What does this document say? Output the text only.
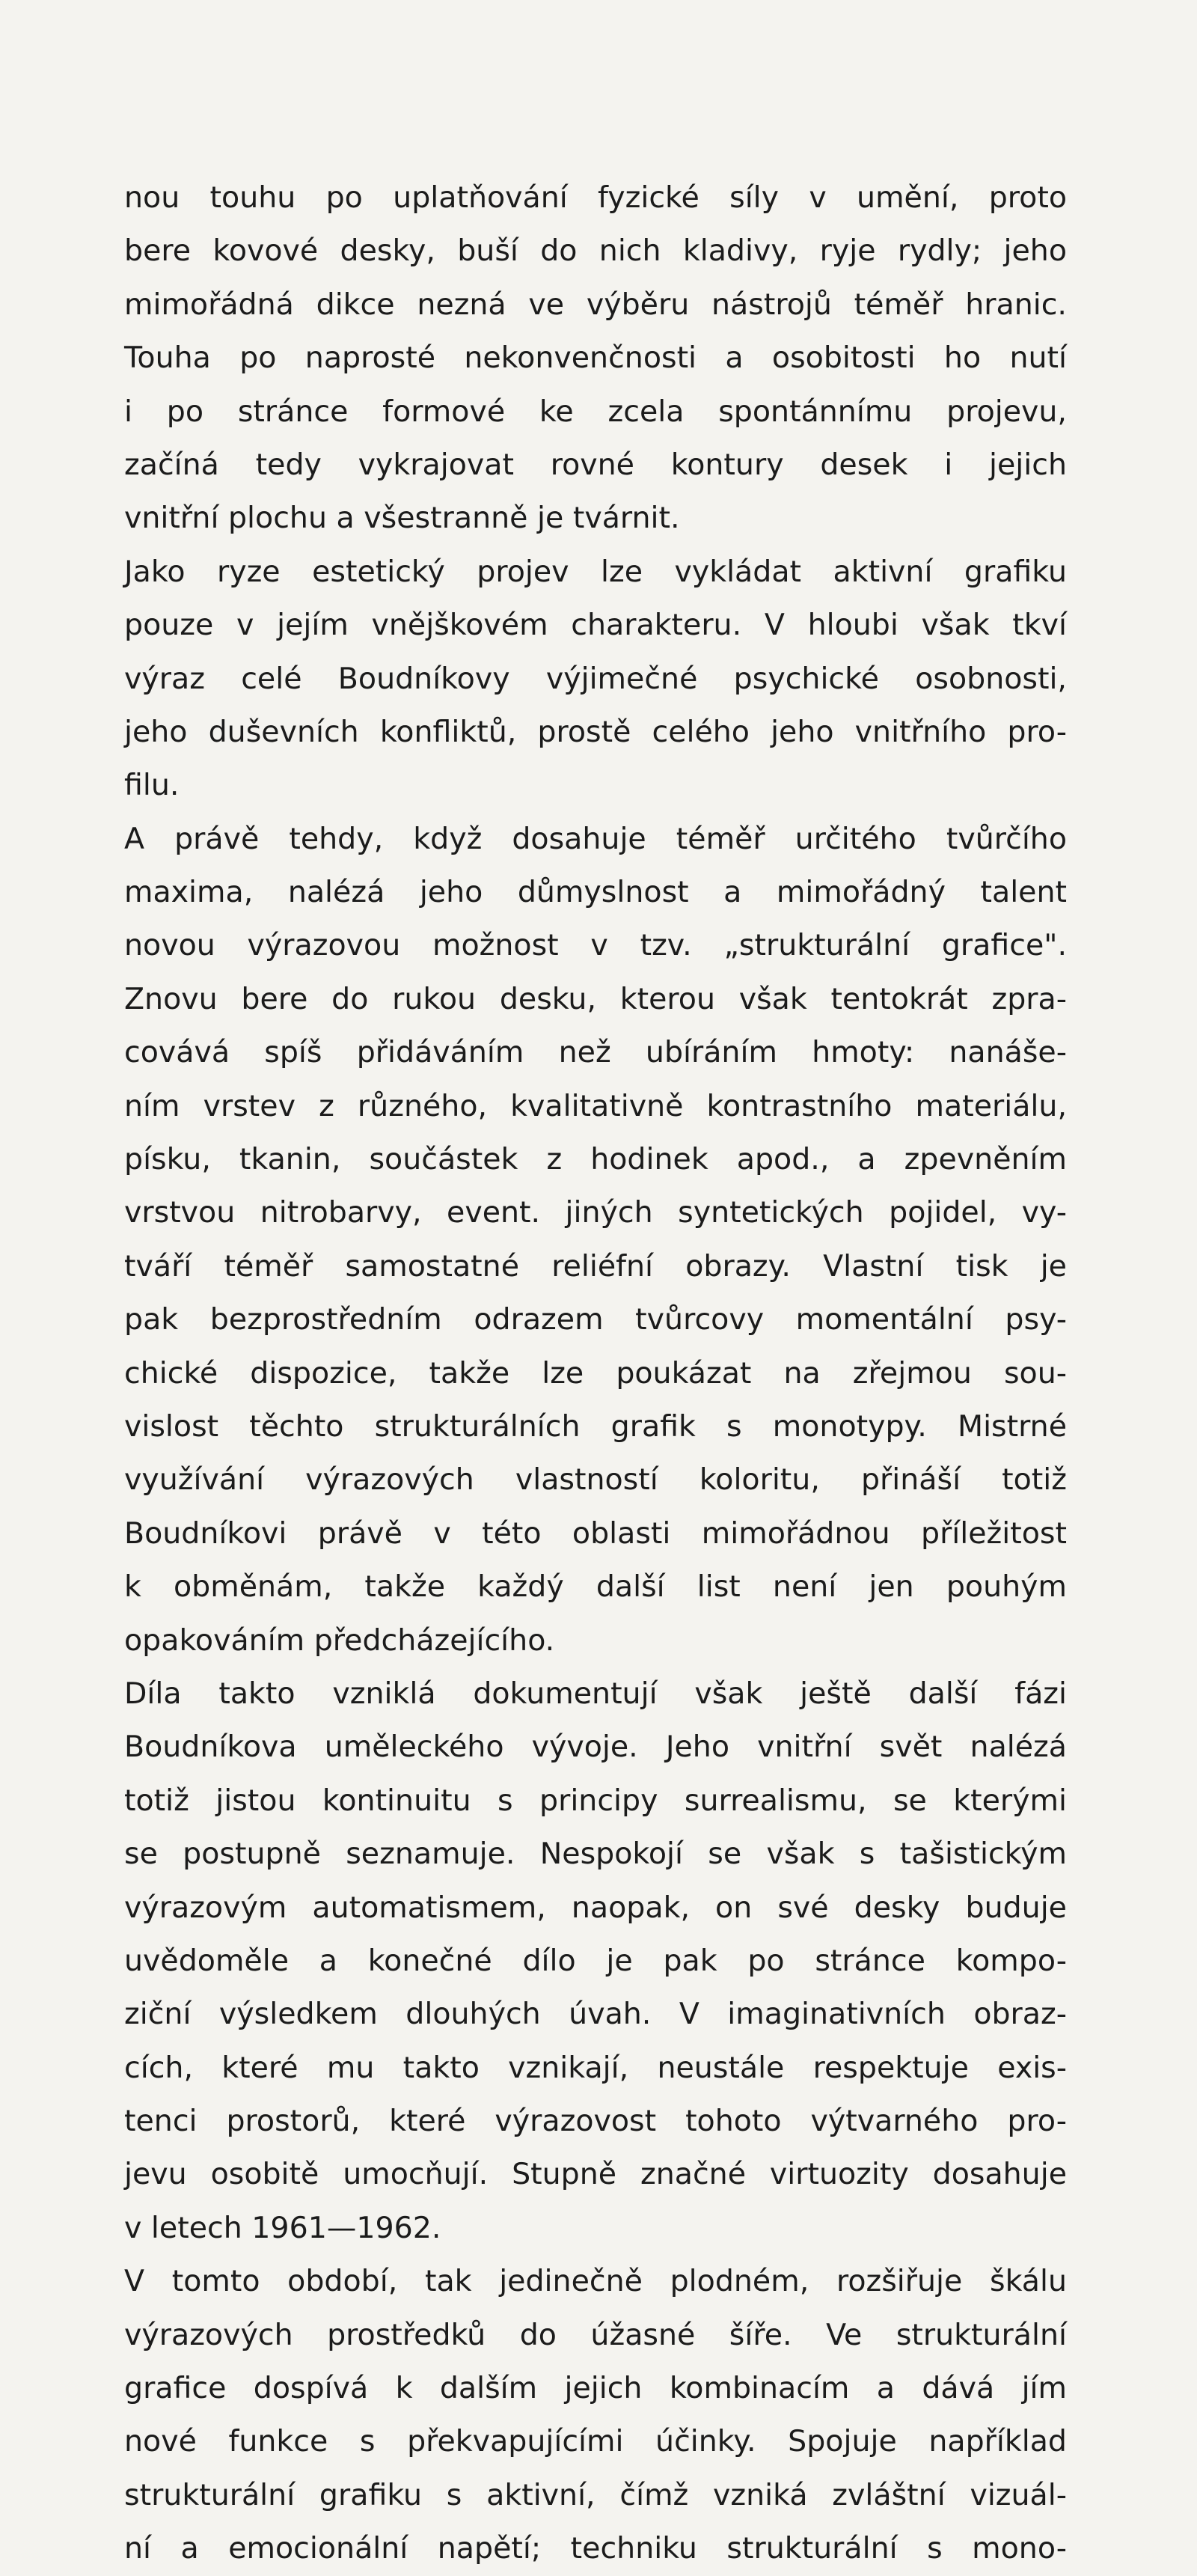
nou touhu po uplatňování fyzické síly v umění, proto
bere kovové desky, buší do nich kladivy, ryje rydly; jeho
mimořádná dikce nezná ve výběru nástrojů téměř hranic.
Touha po naprosté nekonvenčnosti a osobitosti ho nutí
i po stránce formové ke zcela spontánnímu projevu,
začíná tedy vykrajovat rovné kontury desek i jejich
vnitřní plochu a všestranně je tvárnit.
Jako ryze estetický projev lze vykládat aktivní grafiku
pouze v jejím vnějškovém charakteru. V hloubi však tkví
výraz celé Boudníkovy výjimečné psychické osobnosti,
jeho duševních konfliktů, prostě celého jeho vnitřního pro-
filu.
A právě tehdy, když dosahuje téměř určitého tvůrčího
maxima, nalézá jeho důmyslnost a mimořádný talent
novou výrazovou možnost v tzv. „strukturální grafice".
Znovu bere do rukou desku, kterou však tentokrát zpra-
covává spíš přidáváním než ubíráním hmoty: nanáše-
ním vrstev z různého, kvalitativně kontrastního materiálu,
písku, tkanin, součástek z hodinek apod., a zpevněním
vrstvou nitrobarvy, event. jiných syntetických pojidel, vy-
tváří téměř samostatné reliéfní obrazy. Vlastní tisk je
pak bezprostředním odrazem tvůrcovy momentální psy-
chické dispozice, takže lze poukázat na zřejmou sou-
vislost těchto strukturálních grafik s monotypy. Mistrné
využívání výrazových vlastností koloritu, přináší totiž
Boudníkovi právě v této oblasti mimořádnou příležitost
k obměnám, takže každý další list není jen pouhým
opakováním předcházejícího.
Díla takto vzniklá dokumentují však ještě další fázi
Boudníkova uměleckého vývoje. Jeho vnitřní svět nalézá
totiž jistou kontinuitu s principy surrealismu, se kterými
se postupně seznamuje. Nespokojí se však s tašistickým
výrazovým automatismem, naopak, on své desky buduje
uvědoměle a konečné dílo je pak po stránce kompo-
ziční výsledkem dlouhých úvah. V imaginativních obraz-
cích, které mu takto vznikají, neustále respektuje exis-
tenci prostorů, které výrazovost tohoto výtvarného pro-
jevu osobitě umocňují. Stupně značné virtuozity dosahuje
v letech 1961—1962.
V tomto období, tak jedinečně plodném, rozšiřuje škálu
výrazových prostředků do úžasné šíře. Ve strukturální
grafice dospívá k dalším jejich kombinacím a dává jím
nové funkce s překvapujícími účinky. Spojuje například
strukturální grafiku s aktivní, čímž vzniká zvláštní vizuál-
ní a emocionální napětí; techniku strukturální s mono-
